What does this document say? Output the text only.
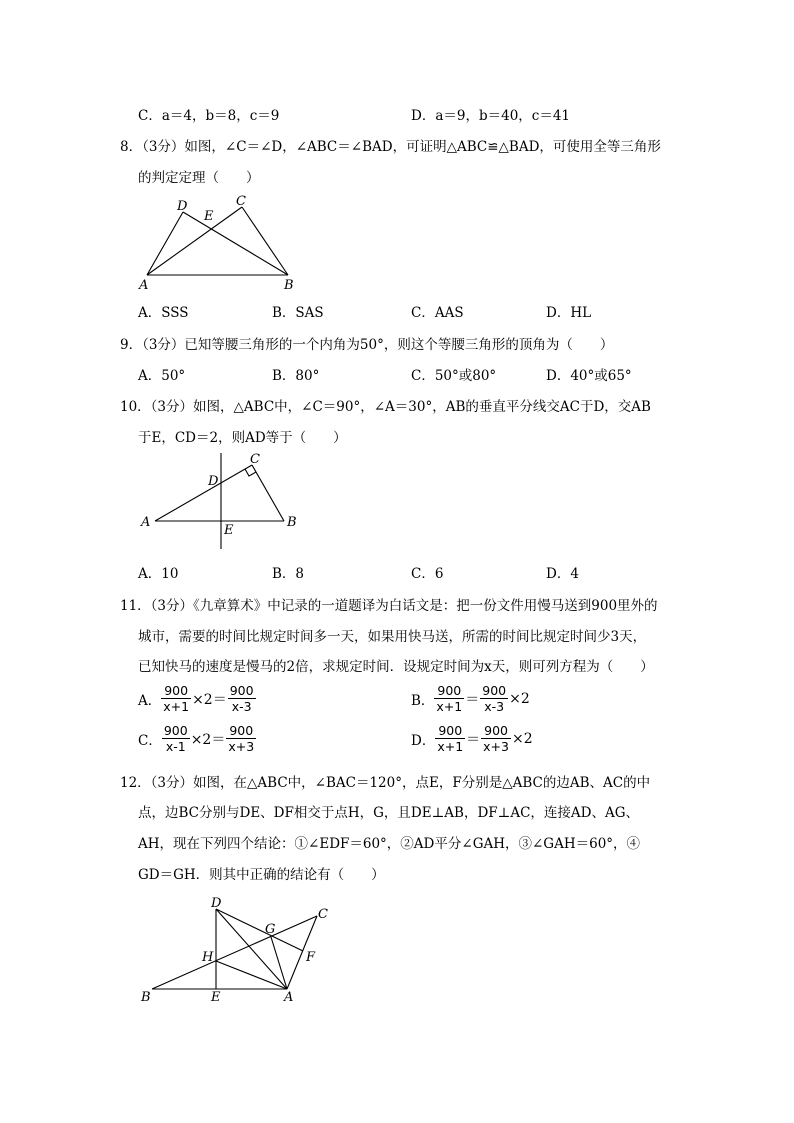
C．a＝4，b＝8，c＝9	D．a＝9，b＝40，c＝41
8．（3分）如图，∠C＝∠D，∠ABC＝∠BAD，可证明△ABC≌△BAD，可使用全等三角形
的判定定理（　　）
D
E
C
A	B
A．SSS	B．SAS	C．AAS	D．HL
9．（3分）已知等腰三角形的一个内角为50°，则这个等腰三角形的顶角为（　　）
A．50°	B．80°	C．50°或80°	D．40°或65°
10．（3分）如图，△ABC中，∠C＝90°，∠A＝30°，AB的垂直平分线交AC于D，交AB
于E，CD＝2，则AD等于（　　）
C
D
A
E
B
A．10	B．8	C．6	D．4
11．（3分）《九章算术》中记录的一道题译为白话文是：把一份文件用慢马送到900里外的
城市，需要的时间比规定时间多一天，如果用快马送，所需的时间比规定时间少3天，
已知快马的速度是慢马的2倍，求规定时间．设规定时间为x天，则可列方程为（　　）
A． $\frac{900}{x+1} \times 2= \frac{900}{x-3}$	B． $\frac{900}{x+1} = \frac{900}{x-3} \times 2$
C． $\frac{900}{x-1} \times 2= \frac{900}{x+3}$	D． $\frac{900}{x+1} = \frac{900}{x+3} \times 2$
12．（3分）如图，在△ABC中，∠BAC＝120°，点E，F分别是△ABC的边AB、AC的中
点，边BC分别与DE、DF相交于点H，G，且DE⊥AB，DF⊥AC，连接AD、AG、
AH，现在下列四个结论：①∠EDF＝60°，②AD平分∠GAH，③∠GAH＝60°，④
GD＝GH．则其中正确的结论有（　　）
D
C
G
H	F
B	E	A
